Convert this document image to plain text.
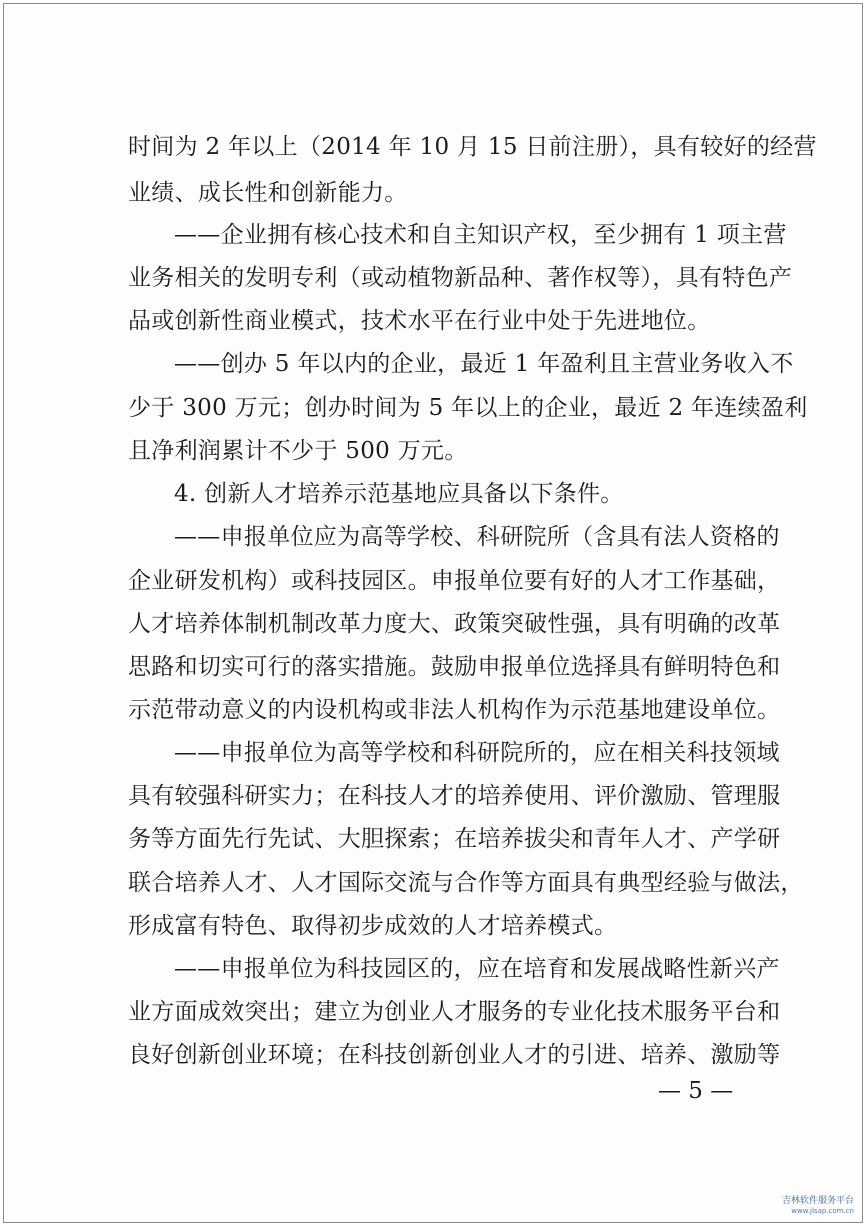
时间为 2 年以上（2014 年 10 月 15 日前注册），具有较好的经营
业绩、成长性和创新能力。
——企业拥有核心技术和自主知识产权，至少拥有 1 项主营
业务相关的发明专利（或动植物新品种、著作权等），具有特色产
品或创新性商业模式，技术水平在行业中处于先进地位。
——创办 5 年以内的企业，最近 1 年盈利且主营业务收入不
少于 300 万元；创办时间为 5 年以上的企业，最近 2 年连续盈利
且净利润累计不少于 500 万元。
4. 创新人才培养示范基地应具备以下条件。
——申报单位应为高等学校、科研院所（含具有法人资格的
企业研发机构）或科技园区。申报单位要有好的人才工作基础，
人才培养体制机制改革力度大、政策突破性强，具有明确的改革
思路和切实可行的落实措施。鼓励申报单位选择具有鲜明特色和
示范带动意义的内设机构或非法人机构作为示范基地建设单位。
——申报单位为高等学校和科研院所的，应在相关科技领域
具有较强科研实力；在科技人才的培养使用、评价激励、管理服
务等方面先行先试、大胆探索；在培养拔尖和青年人才、产学研
联合培养人才、人才国际交流与合作等方面具有典型经验与做法，
形成富有特色、取得初步成效的人才培养模式。
——申报单位为科技园区的，应在培育和发展战略性新兴产
业方面成效突出；建立为创业人才服务的专业化技术服务平台和
良好创新创业环境；在科技创新创业人才的引进、培养、激励等
— 5 —
吉林软件服务平台
www.jlsap.com.cn
